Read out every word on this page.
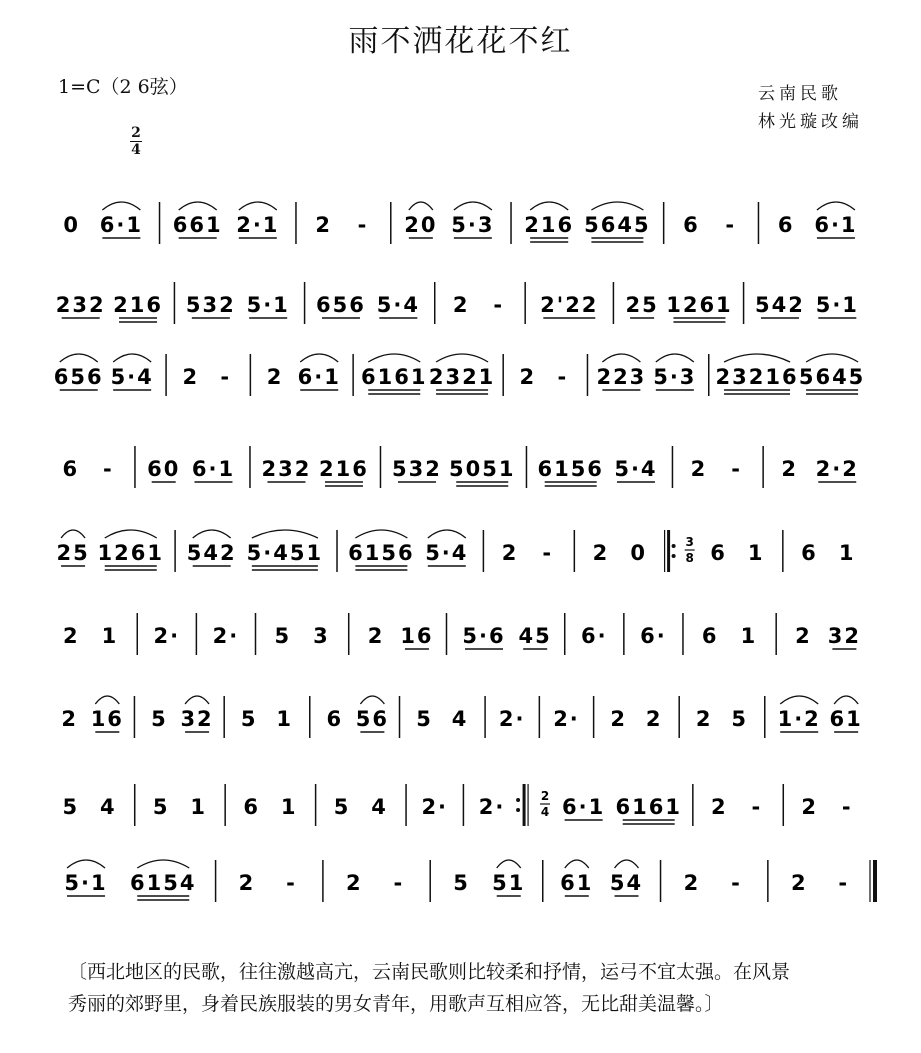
雨不洒花花不红
1=C（2 6弦）	云南民歌
林光璇改编
2
4
0 6·1 661 2·1 2 - 20 5·3 216 5645 6 - 6 6·1
232 216 532 5·1 656 5·4 2 - 2'22 25 1261 542 5·1
656 5·4 2 - 2 6·1 6161 2321 2 - 223 5·3 23216 5645
6 - 60 6·1 232 216 532 5051 6156 5·4 2 - 2 2·2
25 1261 542 5·451 6156 5·4 2 - 2 0	3
8 6 1 6 1
2 1 2· 2· 5 3 2 16 5·6 45 6· 6· 6 1 2 32
2 16 5 32 5 1 6 56 5 4 2· 2· 2 2 2 5 1·2 61
5 4 5 1 6 1 5 4 2· 2·	2
4 6·1 6161 2 - 2 -
5·1 6154 2 - 2 - 5 51 61 54 2 - 2 -
〔西北地区的民歌，往往激越高亢，云南民歌则比较柔和抒情，运弓不宜太强。在风景
秀丽的郊野里，身着民族服装的男女青年，用歌声互相应答，无比甜美温馨。〕
